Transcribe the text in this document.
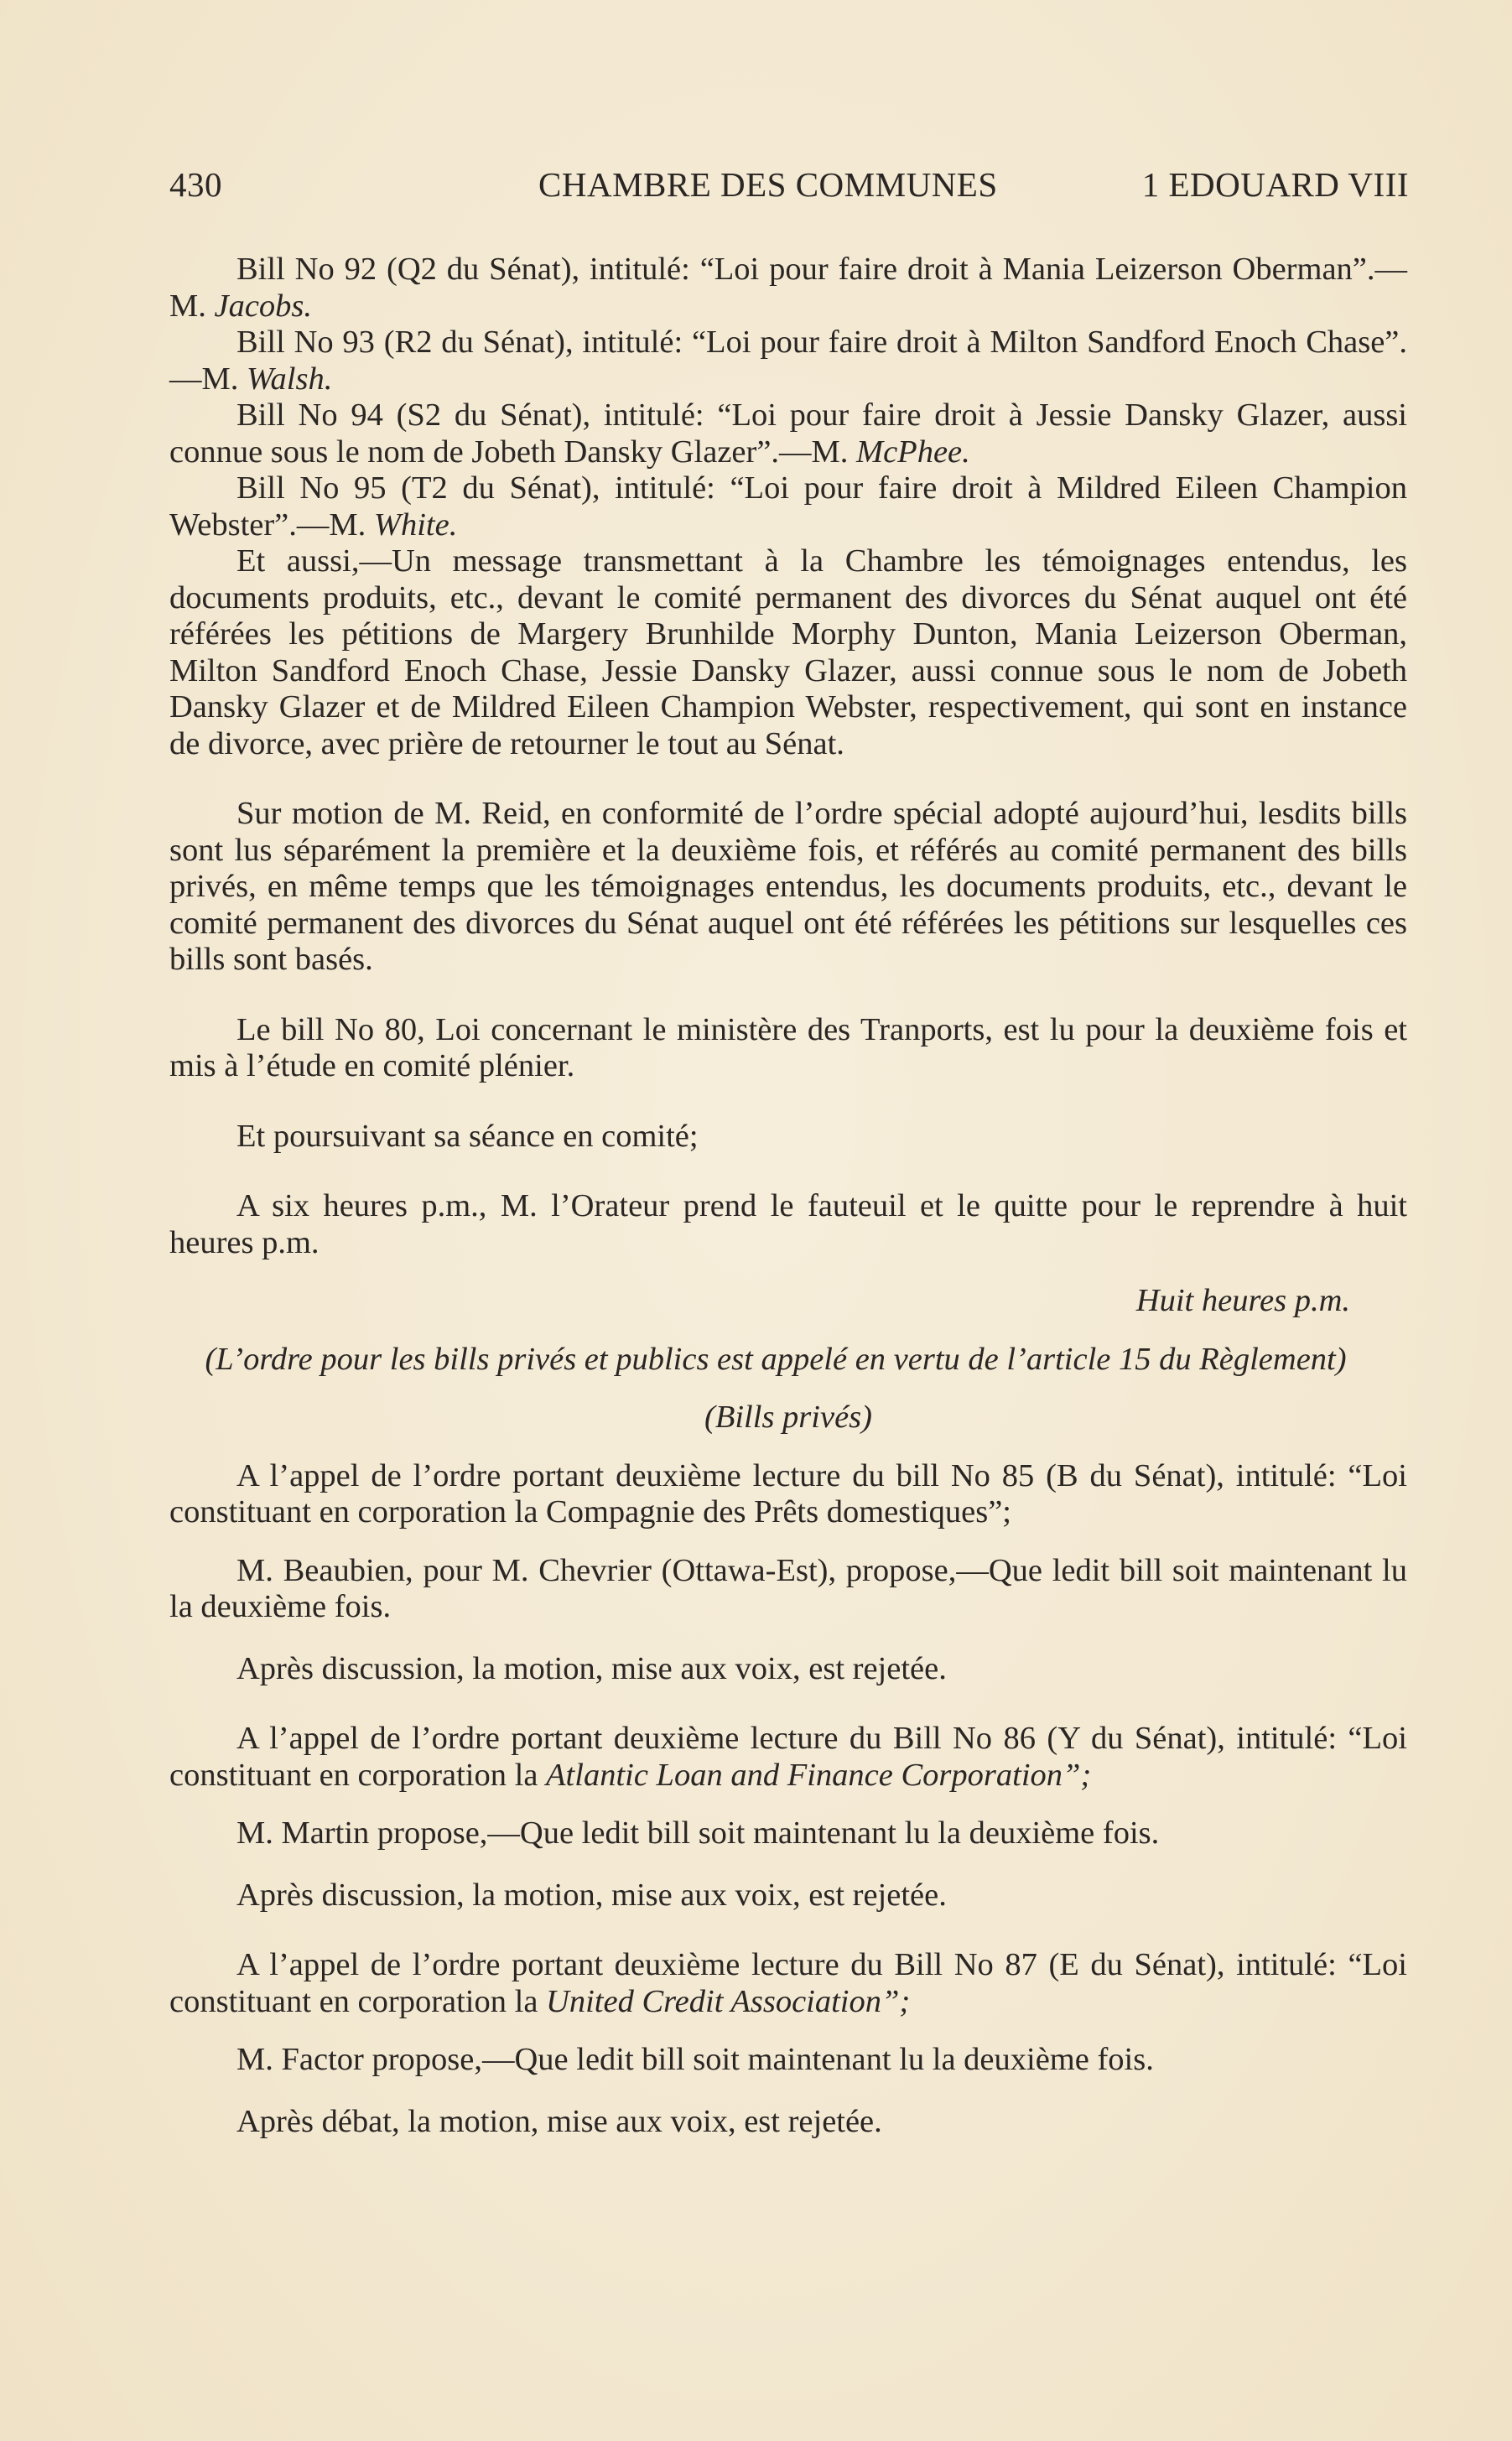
430	CHAMBRE DES COMMUNES	1 EDOUARD VIII

Bill No 92 (Q2 du Sénat), intitulé: “Loi pour faire droit à Mania Leizerson Oberman”.—M. Jacobs.

Bill No 93 (R2 du Sénat), intitulé: “Loi pour faire droit à Milton Sandford Enoch Chase”.—M. Walsh.

Bill No 94 (S2 du Sénat), intitulé: “Loi pour faire droit à Jessie Dansky Glazer, aussi connue sous le nom de Jobeth Dansky Glazer”.—M. McPhee.

Bill No 95 (T2 du Sénat), intitulé: “Loi pour faire droit à Mildred Eileen Champion Webster”.—M. White.

Et aussi,—Un message transmettant à la Chambre les témoignages entendus, les documents produits, etc., devant le comité permanent des divorces du Sénat auquel ont été référées les pétitions de Margery Brunhilde Morphy Dunton, Mania Leizerson Oberman, Milton Sandford Enoch Chase, Jessie Dansky Glazer, aussi connue sous le nom de Jobeth Dansky Glazer et de Mildred Eileen Champion Webster, respectivement, qui sont en instance de divorce, avec prière de retourner le tout au Sénat.

Sur motion de M. Reid, en conformité de l’ordre spécial adopté aujourd’hui, lesdits bills sont lus séparément la première et la deuxième fois, et référés au comité permanent des bills privés, en même temps que les témoignages entendus, les documents produits, etc., devant le comité permanent des divorces du Sénat auquel ont été référées les pétitions sur lesquelles ces bills sont basés.

Le bill No 80, Loi concernant le ministère des Tranports, est lu pour la deuxième fois et mis à l’étude en comité plénier.

Et poursuivant sa séance en comité;

A six heures p.m., M. l’Orateur prend le fauteuil et le quitte pour le reprendre à huit heures p.m.

Huit heures p.m.

(L’ordre pour les bills privés et publics est appelé en vertu de l’article 15 du Règlement)

(Bills privés)

A l’appel de l’ordre portant deuxième lecture du bill No 85 (B du Sénat), intitulé: “Loi constituant en corporation la Compagnie des Prêts domestiques”;

M. Beaubien, pour M. Chevrier (Ottawa-Est), propose,—Que ledit bill soit maintenant lu la deuxième fois.

Après discussion, la motion, mise aux voix, est rejetée.

A l’appel de l’ordre portant deuxième lecture du Bill No 86 (Y du Sénat), intitulé: “Loi constituant en corporation la Atlantic Loan and Finance Corporation”;

M. Martin propose,—Que ledit bill soit maintenant lu la deuxième fois.

Après discussion, la motion, mise aux voix, est rejetée.

A l’appel de l’ordre portant deuxième lecture du Bill No 87 (E du Sénat), intitulé: “Loi constituant en corporation la United Credit Association”;

M. Factor propose,—Que ledit bill soit maintenant lu la deuxième fois.

Après débat, la motion, mise aux voix, est rejetée.
